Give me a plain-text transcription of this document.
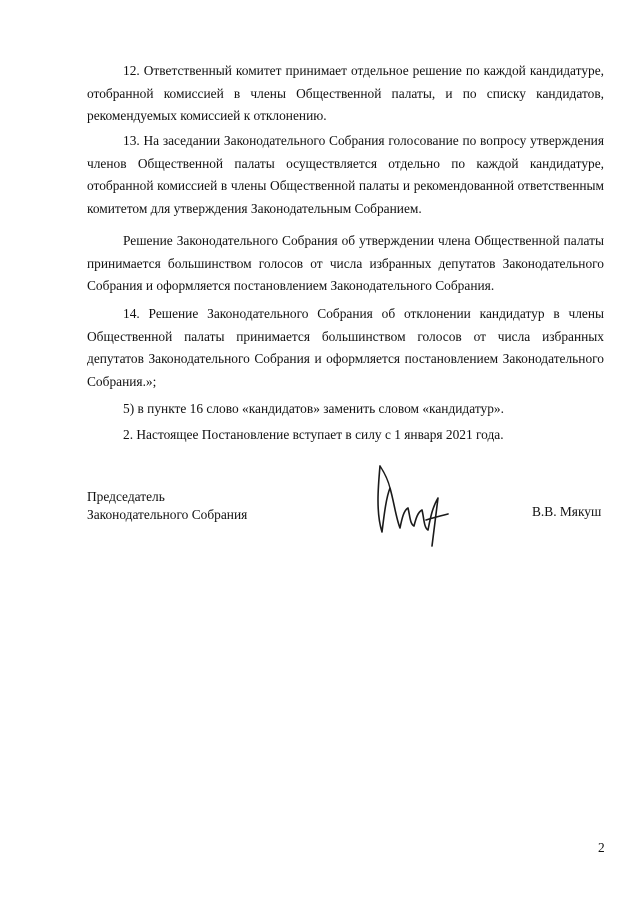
12. Ответственный комитет принимает отдельное решение по каждой кандидатуре, отобранной комиссией в члены Общественной палаты, и по списку кандидатов, рекомендуемых комиссией к отклонению.

13. На заседании Законодательного Собрания голосование по вопросу утверждения членов Общественной палаты осуществляется отдельно по каждой кандидатуре, отобранной комиссией в члены Общественной палаты и рекомендованной ответственным комитетом для утверждения Законодательным Собранием.

Решение Законодательного Собрания об утверждении члена Общественной палаты принимается большинством голосов от числа избранных депутатов Законодательного Собрания и оформляется постановлением Законодательного Собрания.

14. Решение Законодательного Собрания об отклонении кандидатур в члены Общественной палаты принимается большинством голосов от числа избранных депутатов Законодательного Собрания и оформляется постановлением Законодательного Собрания.»;

5) в пункте 16 слово «кандидатов» заменить словом «кандидатур».

2. Настоящее Постановление вступает в силу с 1 января 2021 года.

Председатель
Законодательного Собрания	В.В. Мякуш
2
